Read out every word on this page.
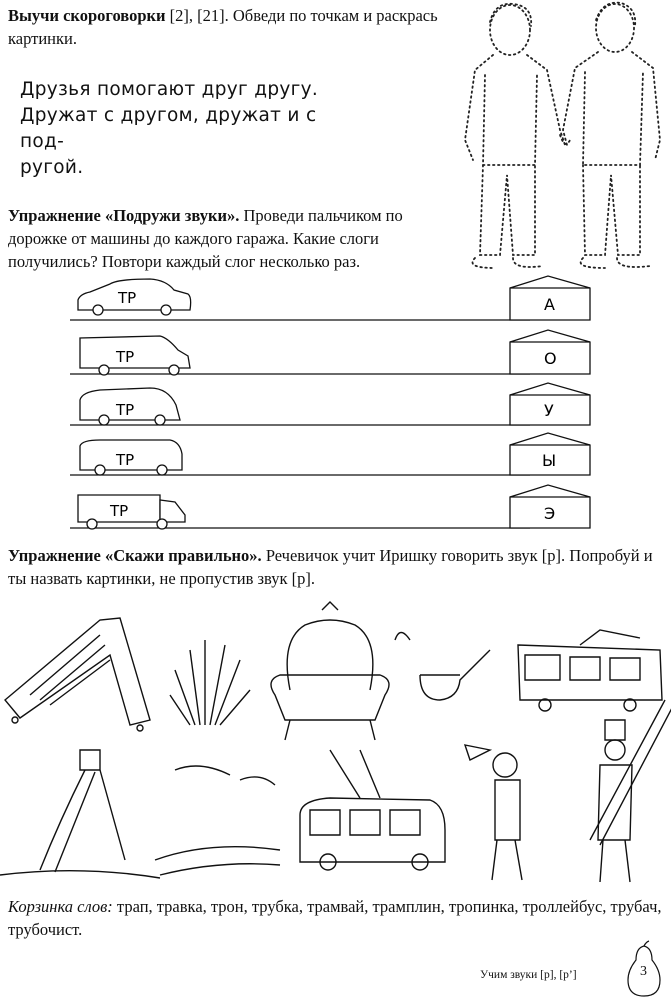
Выучи скороговорки [2], [21]. Обведи по точкам и раскрась картинки.
Друзья помогают друг другу.
Дружат с другом, дружат и с под-
ругой.
Упражнение «Подружи звуки». Проведи пальчиком по дорожке от машины до каждого гаража. Какие слоги получились? Повтори каждый слог несколько раз.
ТР
ТР
ТР
ТР
ТР
А
О
У
Ы
Э
Упражнение «Скажи правильно». Речевичок учит Иришку говорить звук [р]. Попробуй и ты назвать картинки, не пропустив звук [р].
Корзинка слов: трап, травка, трон, трубка, трамвай, трамплин, тропинка, троллейбус, трубач, трубочист.
Учим звуки [р], [р’]	3
